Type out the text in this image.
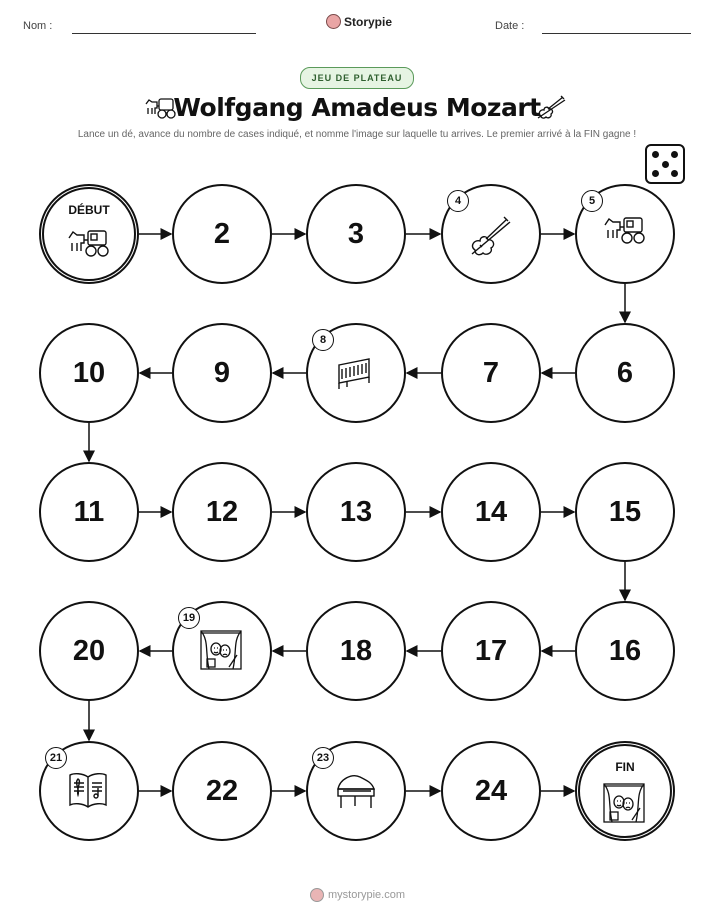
Nom :	Storypie	Date :
JEU DE PLATEAU
Wolfgang Amadeus Mozart
Lance un dé, avance du nombre de cases indiqué, et nomme l'image sur laquelle tu arrives. Le premier arrivé à la FIN gagne !
DÉBUT
2	3
4	5
6
7
8
9
10
11	12	13	14	15
16
17
18
19
20
21
22
23
24
FIN
mystorypie.com
